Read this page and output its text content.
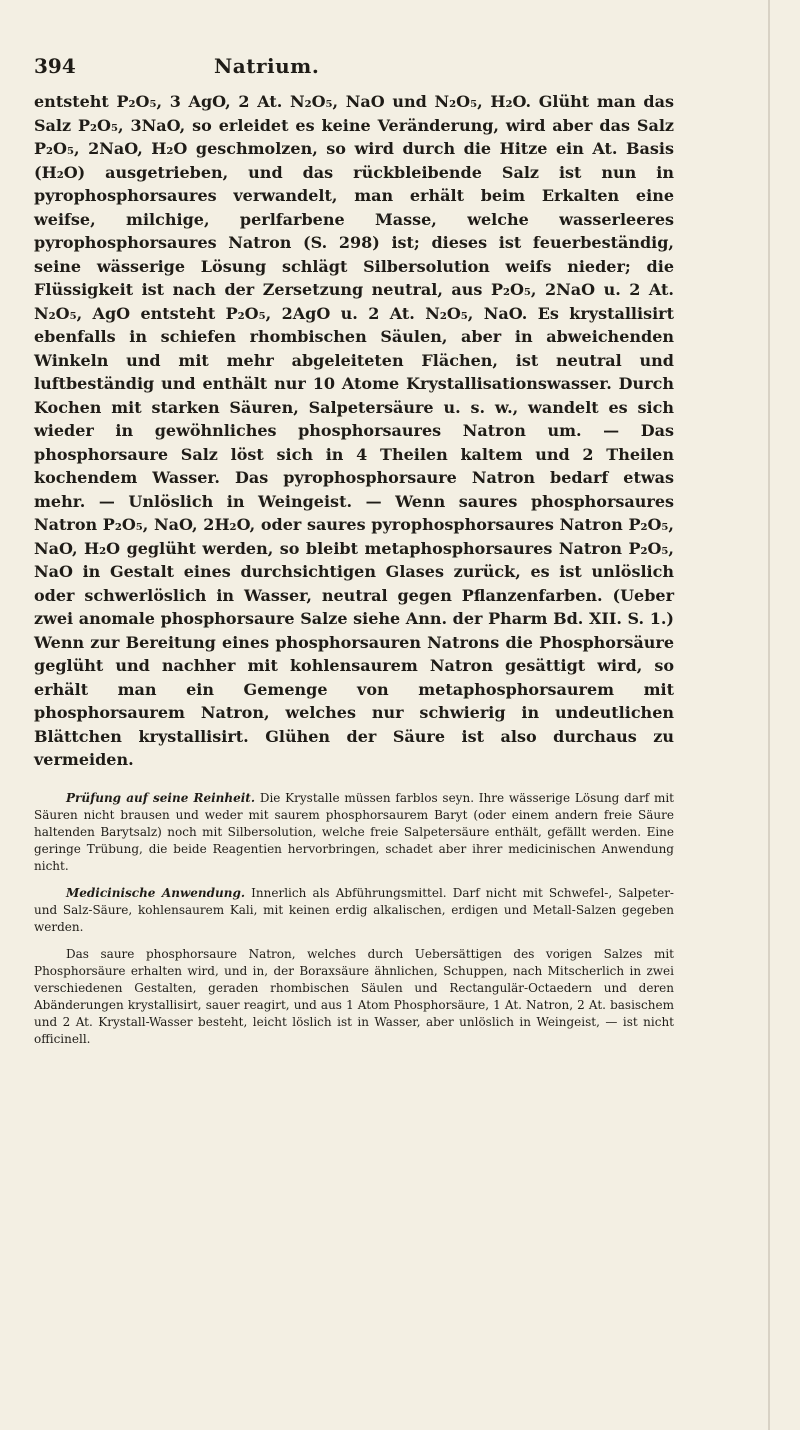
394	Natrium.

entsteht P₂O₅, 3 AgO, 2 At. N₂O₅, NaO und N₂O₅, H₂O. Glüht man das Salz P₂O₅, 3NaO, so erleidet es keine Veränderung, wird aber das Salz P₂O₅, 2NaO, H₂O geschmolzen, so wird durch die Hitze ein At. Basis (H₂O) ausgetrieben, und das rückbleibende Salz ist nun in pyrophosphorsaures verwandelt, man erhält beim Erkalten eine weifse, milchige, perlfarbene Masse, welche wasserleeres pyrophosphorsaures Natron (S. 298) ist; dieses ist feuerbeständig, seine wässerige Lösung schlägt Silbersolution weifs nieder; die Flüssigkeit ist nach der Zersetzung neutral, aus P₂O₅, 2NaO u. 2 At. N₂O₅, AgO entsteht P₂O₅, 2AgO u. 2 At. N₂O₅, NaO. Es krystallisirt ebenfalls in schiefen rhombischen Säulen, aber in abweichenden Winkeln und mit mehr abgeleiteten Flächen, ist neutral und luftbeständig und enthält nur 10 Atome Krystallisationswasser. Durch Kochen mit starken Säuren, Salpetersäure u. s. w., wandelt es sich wieder in gewöhnliches phosphorsaures Natron um. — Das phosphorsaure Salz löst sich in 4 Theilen kaltem und 2 Theilen kochendem Wasser. Das pyrophosphorsaure Natron bedarf etwas mehr. — Unlöslich in Weingeist. — Wenn saures phosphorsaures Natron P₂O₅, NaO, 2H₂O, oder saures pyrophosphorsaures Natron P₂O₅, NaO, H₂O geglüht werden, so bleibt metaphosphorsaures Natron P₂O₅, NaO in Gestalt eines durchsichtigen Glases zurück, es ist unlöslich oder schwerlöslich in Wasser, neutral gegen Pflanzenfarben. (Ueber zwei anomale phosphorsaure Salze siehe Ann. der Pharm Bd. XII. S. 1.) Wenn zur Bereitung eines phosphorsauren Natrons die Phosphorsäure geglüht und nachher mit kohlensaurem Natron gesättigt wird, so erhält man ein Gemenge von metaphosphorsaurem mit phosphorsaurem Natron, welches nur schwierig in undeutlichen Blättchen krystallisirt. Glühen der Säure ist also durchaus zu vermeiden.

Prüfung auf seine Reinheit. Die Krystalle müssen farblos seyn. Ihre wässerige Lösung darf mit Säuren nicht brausen und weder mit saurem phosphorsaurem Baryt (oder einem andern freie Säure haltenden Barytsalz) noch mit Silbersolution, welche freie Salpetersäure enthält, gefällt werden. Eine geringe Trübung, die beide Reagentien hervorbringen, schadet aber ihrer medicinischen Anwendung nicht.

Medicinische Anwendung. Innerlich als Abführungsmittel. Darf nicht mit Schwefel-, Salpeter- und Salz-Säure, kohlensaurem Kali, mit keinen erdig alkalischen, erdigen und Metall-Salzen gegeben werden.

Das saure phosphorsaure Natron, welches durch Uebersättigen des vorigen Salzes mit Phosphorsäure erhalten wird, und in, der Boraxsäure ähnlichen, Schuppen, nach Mitscherlich in zwei verschiedenen Gestalten, geraden rhombischen Säulen und Rectangulär-Octaedern und deren Abänderungen krystallisirt, sauer reagirt, und aus 1 Atom Phosphorsäure, 1 At. Natron, 2 At. basischem und 2 At. Krystall-Wasser besteht, leicht löslich ist in Wasser, aber unlöslich in Weingeist, — ist nicht officinell.
